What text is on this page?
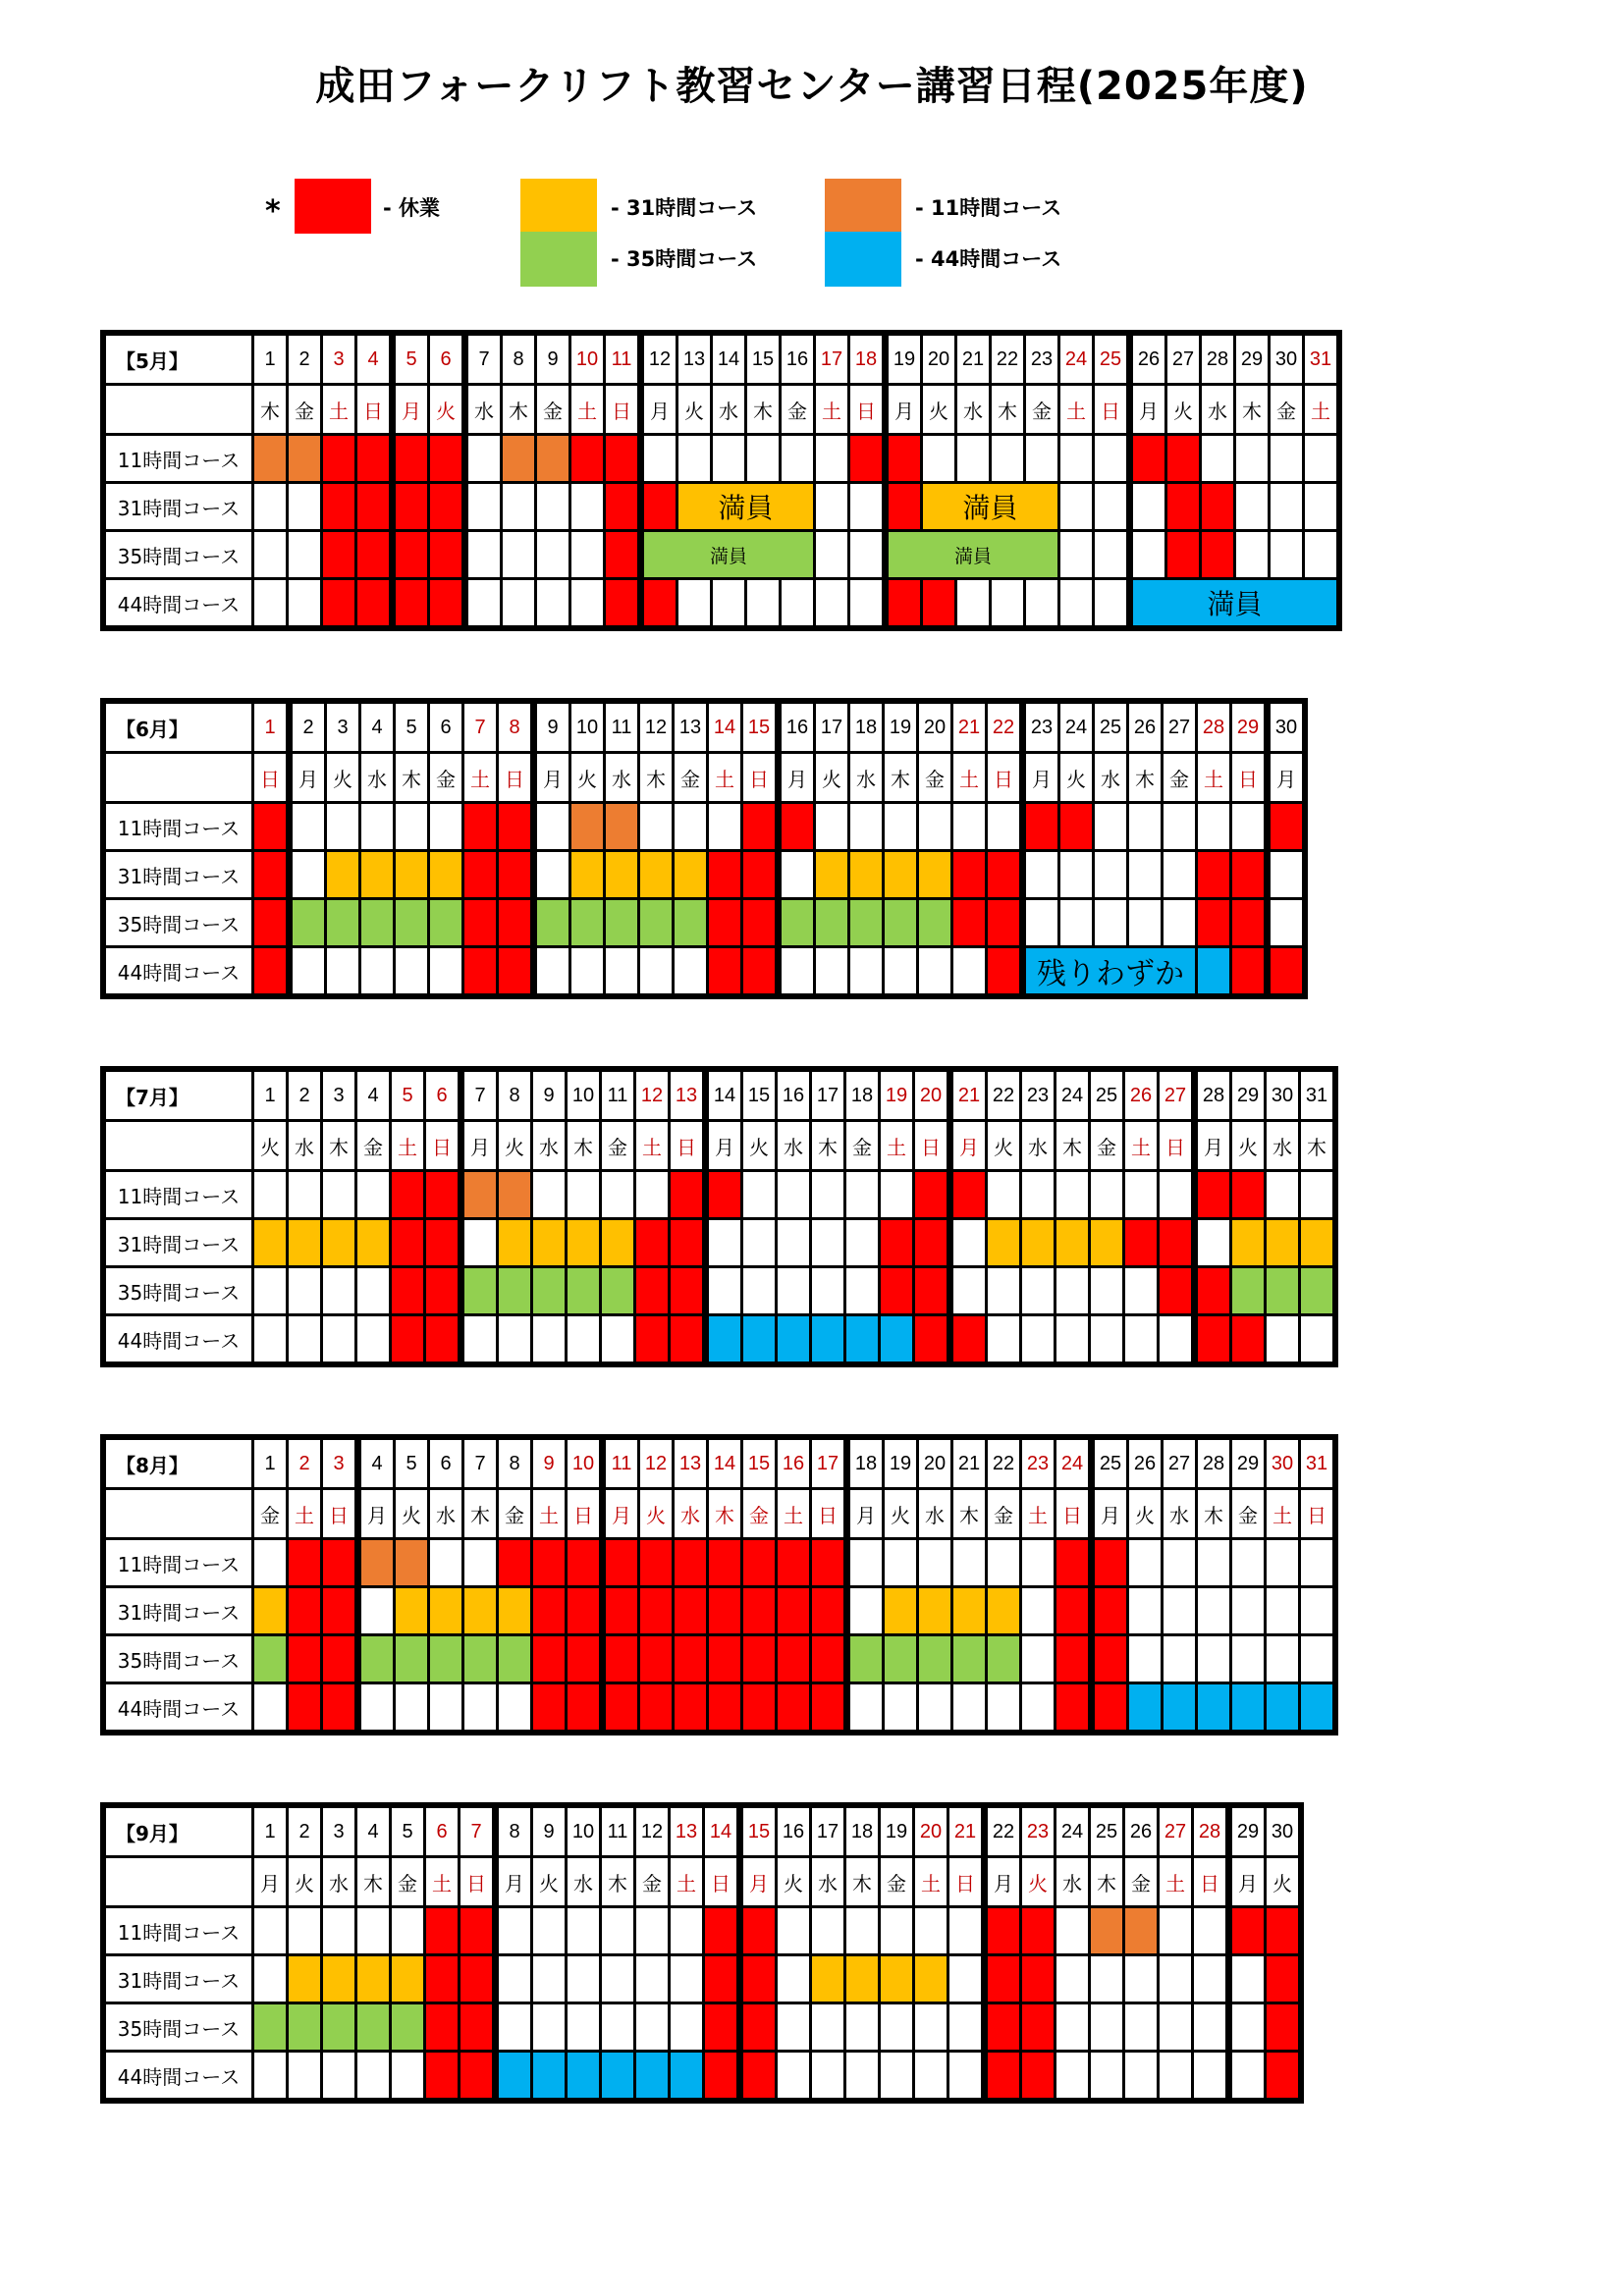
成田フォークリフト教習センター講習日程(2025年度)
*	- 休業	- 31時間コース	- 11時間コース
- 35時間コース	- 44時間コース
【5月】	1	2	3	4	5	6	7	8	9	10	11	12	13	14	15	16	17	18	19	20	21	22	23	24	25	26	27	28	29	30	31
	木	金	土	日	月	火	水	木	金	土	日	月	火	水	木	金	土	日	月	火	水	木	金	土	日	月	火	水	木	金	土
11時間コース																															
31時間コース													満員							満員											
35時間コース												満員							満員												
44時間コース																										満員					
【6月】	1	2	3	4	5	6	7	8	9	10	11	12	13	14	15	16	17	18	19	20	21	22	23	24	25	26	27	28	29	30
	日	月	火	水	木	金	土	日	月	火	水	木	金	土	日	月	火	水	木	金	土	日	月	火	水	木	金	土	日	月
11時間コース																														
31時間コース																														
35時間コース																														
44時間コース																							残りわずか							
【7月】	1	2	3	4	5	6	7	8	9	10	11	12	13	14	15	16	17	18	19	20	21	22	23	24	25	26	27	28	29	30	31
	火	水	木	金	土	日	月	火	水	木	金	土	日	月	火	水	木	金	土	日	月	火	水	木	金	土	日	月	火	水	木
11時間コース																															
31時間コース																															
35時間コース																															
44時間コース																															
【8月】	1	2	3	4	5	6	7	8	9	10	11	12	13	14	15	16	17	18	19	20	21	22	23	24	25	26	27	28	29	30	31
	金	土	日	月	火	水	木	金	土	日	月	火	水	木	金	土	日	月	火	水	木	金	土	日	月	火	水	木	金	土	日
11時間コース																															
31時間コース																															
35時間コース																															
44時間コース																															
【9月】	1	2	3	4	5	6	7	8	9	10	11	12	13	14	15	16	17	18	19	20	21	22	23	24	25	26	27	28	29	30
	月	火	水	木	金	土	日	月	火	水	木	金	土	日	月	火	水	木	金	土	日	月	火	水	木	金	土	日	月	火
11時間コース																														
31時間コース																														
35時間コース																														
44時間コース																														
